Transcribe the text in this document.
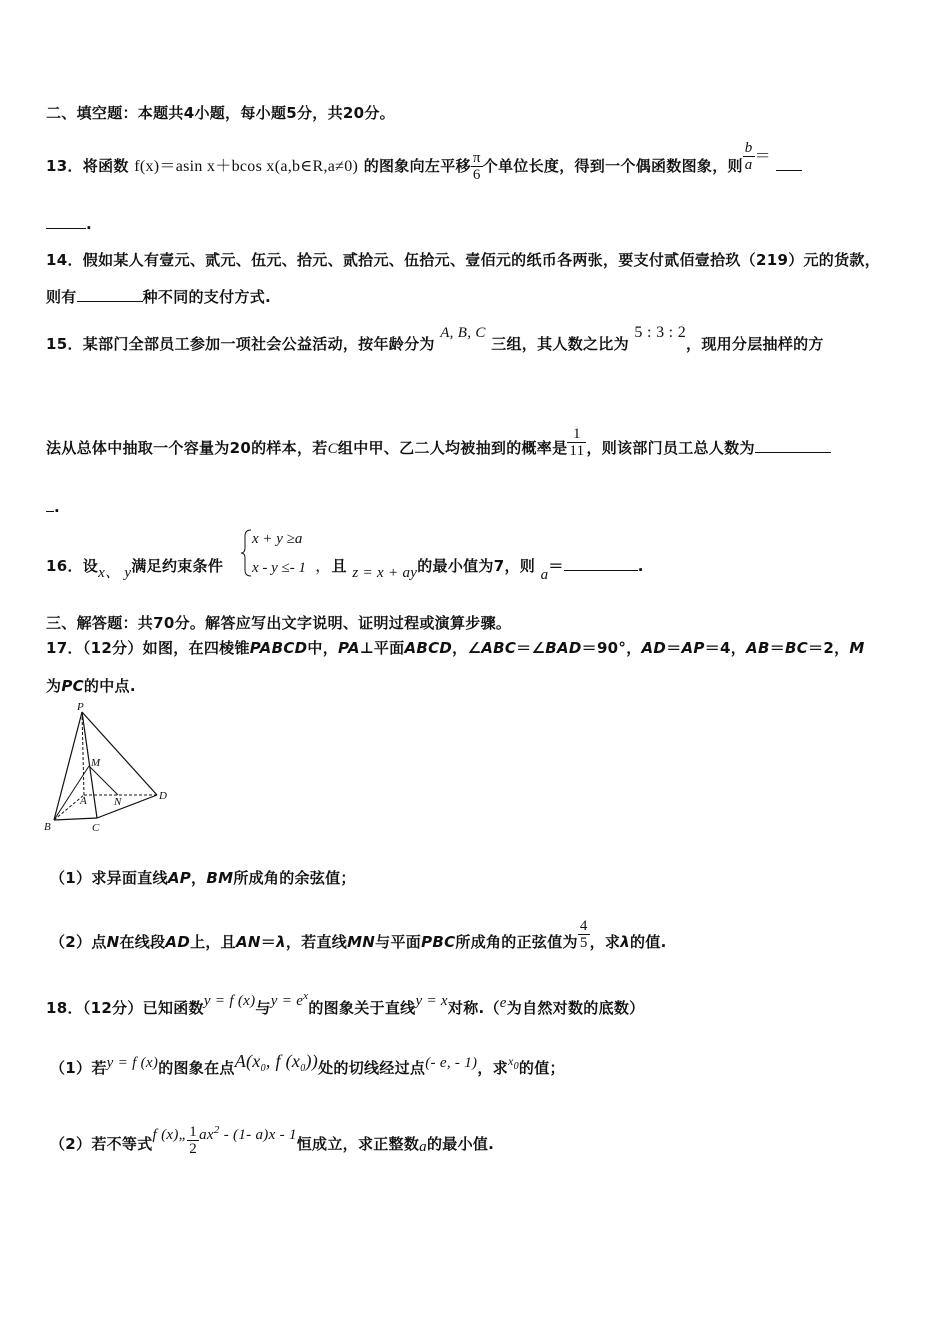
二、填空题：本题共4小题，每小题5分，共20分。
13．将函数 f(x)＝asin x＋bcos x(a,b∈R,a≠0) 的图象向左平移 $\frac{\pi}{6}$ 个单位长度，得到一个偶函数图象，则 $\frac{b}{a}$ ＝
.
14．假如某人有壹元、贰元、伍元、拾元、贰拾元、伍拾元、壹佰元的纸币各两张，要支付贰佰壹拾玖（219）元的货款，
则有	种不同的支付方式.
15．某部门全部员工参加一项社会公益活动，按年龄分为 A, B, C 三组，其人数之比为 5 : 3 : 2，现用分层抽样的方
法从总体中抽取一个容量为20的样本，若C组中甲、乙二人均被抽到的概率是 $\frac{1}{11}$ ，则该部门员工总人数为
.
16．设x、 y满足约束条件	，且 z = x + ay的最小值为7，则 a＝	.
x + y ≥a
x - y ≤- 1
三、解答题：共70分。解答应写出文字说明、证明过程或演算步骤。
17．（12分）如图，在四棱锥PABCD中，PA⊥平面ABCD，∠ABC＝∠BAD＝90°，AD＝AP＝4，AB＝BC＝2，M
为PC的中点.
P
M
A N	D
B	C
（1）求异面直线AP，BM所成角的余弦值；
（2）点N在线段AD上，且AN＝λ，若直线MN与平面PBC所成角的正弦值为 $\frac{4}{5}$ ，求λ的值.
18．（12分）已知函数y = f (x)与$y = e^x$的图象关于直线y = x对称.（e为自然对数的底数）
（1）若y = f (x)的图象在点$A(x_0$, f $(x_0)$)处的切线经过点(- e, - 1)，求$^{x_0}$的值；
（2）若不等式f (x)„ $\frac{1}{2} ax^2 - (1-$ a)x - 1恒成立，求正整数a的最小值.
